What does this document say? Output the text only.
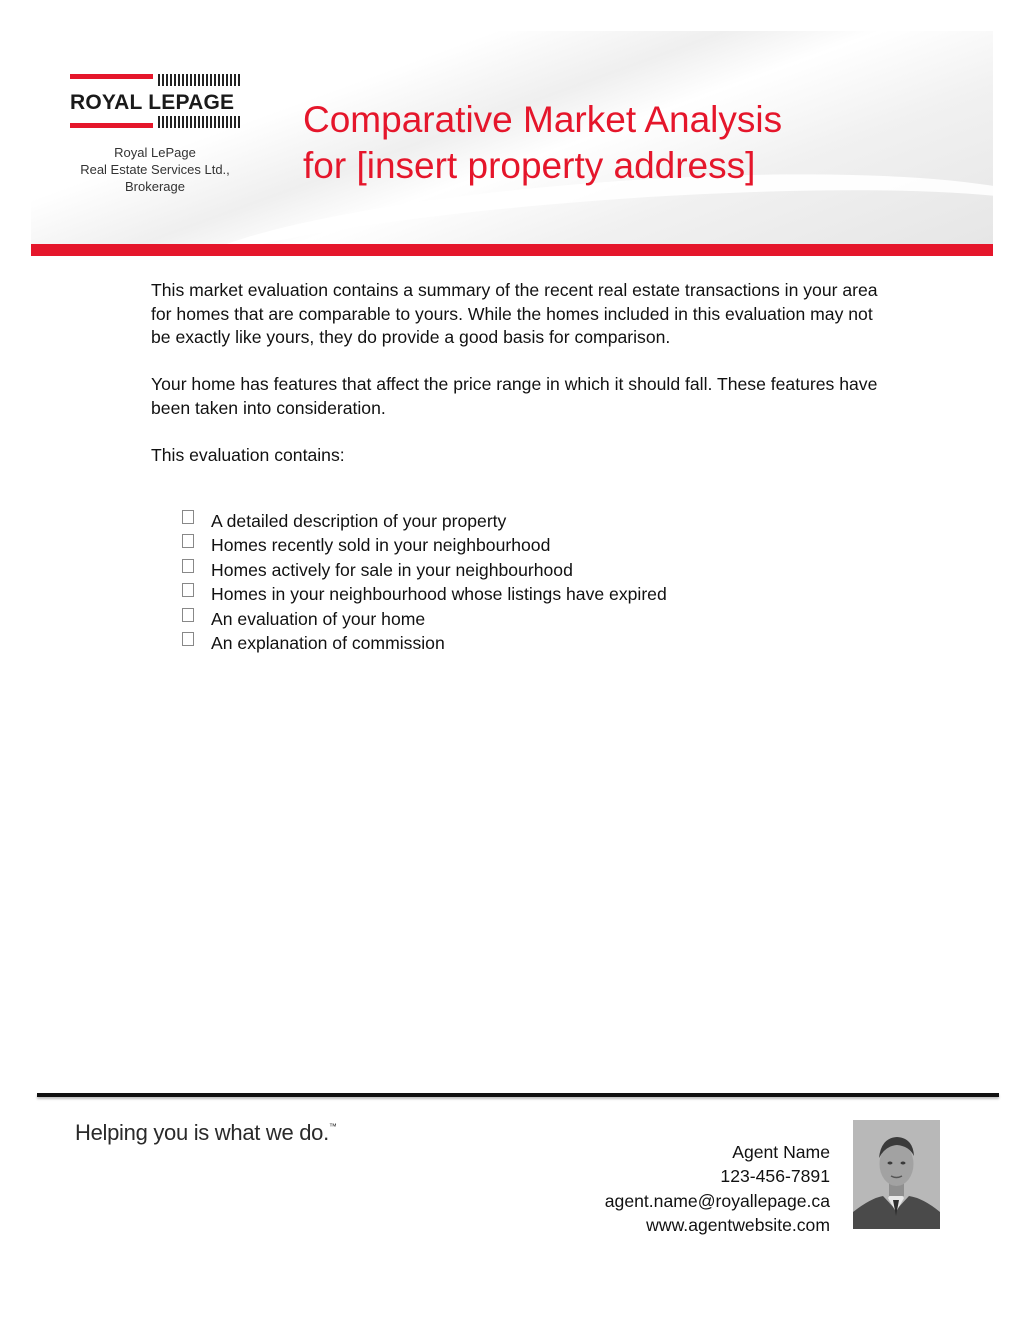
ROYAL LEPAGE
Royal LePage
Real Estate Services Ltd.,
Brokerage
Comparative Market Analysis
for [insert property address]

This market evaluation contains a summary of the recent real estate transactions in your area for homes that are comparable to yours. While the homes included in this evaluation may not be exactly like yours, they do provide a good basis for comparison.

Your home has features that affect the price range in which it should fall. These features have been taken into consideration.

This evaluation contains:

A detailed description of your property
Homes recently sold in your neighbourhood
Homes actively for sale in your neighbourhood
Homes in your neighbourhood whose listings have expired
An evaluation of your home
An explanation of commission
Helping you is what we do.™
Agent Name
123-456-7891
agent.name@royallepage.ca
www.agentwebsite.com
